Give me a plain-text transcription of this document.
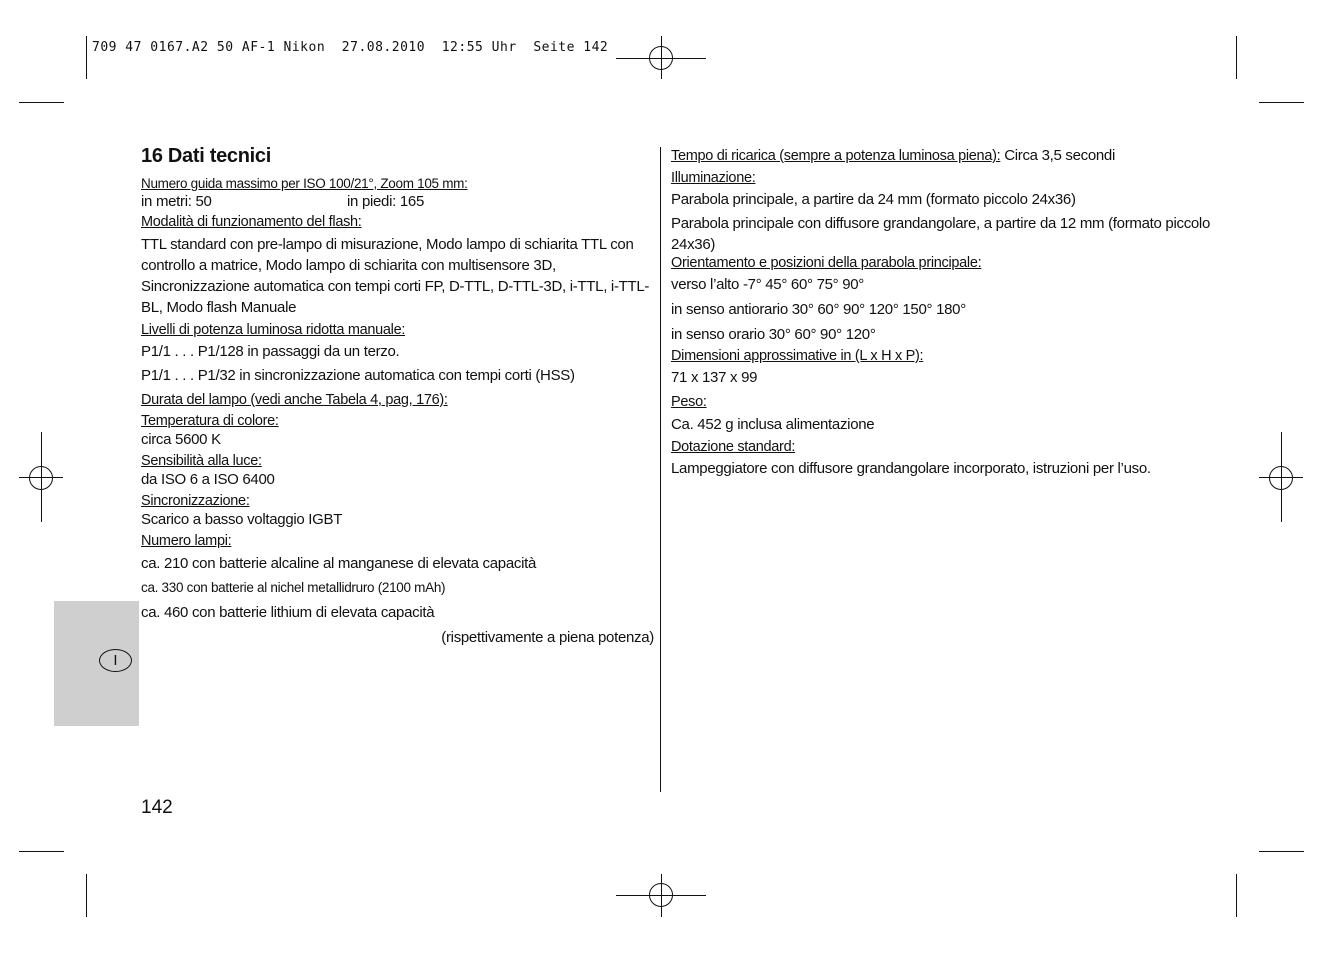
709 47 0167.A2 50 AF-1 Nikon  27.08.2010  12:55 Uhr  Seite 142
I
16 Dati tecnici
Numero guida massimo per ISO 100/21°, Zoom 105 mm:
in metri: 50	in piedi: 165
Modalità di funzionamento del flash:
TTL standard con pre-lampo di misurazione, Modo lampo di schiarita TTL con controllo a matrice, Modo lampo di schiarita con multisensore 3D, Sincronizzazione automatica con tempi corti FP, D-TTL, D-TTL-3D, i-TTL, i-TTL-BL, Modo flash Manuale
Livelli di potenza luminosa ridotta manuale:
P1/1 . . . P1/128 in passaggi da un terzo.
P1/1 . . . P1/32 in sincronizzazione automatica con tempi corti (HSS)
Durata del lampo (vedi anche Tabela 4, pag, 176):
Temperatura di colore:
circa 5600 K
Sensibilità alla luce:
da ISO 6 a ISO 6400
Sincronizzazione:
Scarico a basso voltaggio IGBT
Numero lampi:
ca. 210 con batterie alcaline al manganese di elevata capacità
ca. 330 con batterie al nichel metallidruro (2100 mAh)
ca. 460 con batterie lithium di elevata capacità
(rispettivamente a piena potenza)
Tempo di ricarica (sempre a potenza luminosa piena): Circa 3,5 secondi
Illuminazione:
Parabola principale, a partire da 24 mm (formato piccolo 24x36)
Parabola principale con diffusore grandangolare, a partire da 12 mm (formato piccolo 24x36)
Orientamento e posizioni della parabola principale:
verso l’alto -7° 45° 60° 75° 90°
in senso antiorario 30° 60° 90° 120° 150° 180°
in senso orario 30° 60° 90° 120°
Dimensioni approssimative in (L x H x P):
71 x 137 x 99
Peso:
Ca. 452 g inclusa alimentazione
Dotazione standard:
Lampeggiatore con diffusore grandangolare incorporato, istruzioni per l’uso.
142
